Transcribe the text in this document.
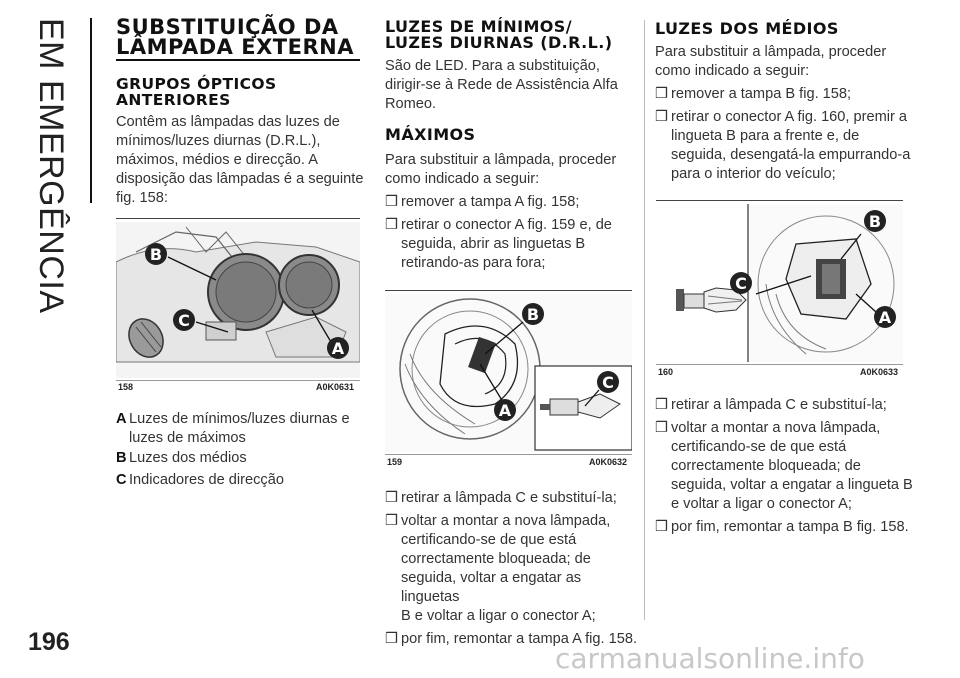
EM EMERGÊNCIA
196
SUBSTITUIÇÃO DA
LÂMPADA EXTERNA
GRUPOS ÓPTICOS
ANTERIORES
Contêm as lâmpadas das luzes de
mínimos/luzes diurnas (D.R.L.),
máximos, médios e direcção. A
disposição das lâmpadas é a seguinte
fig. 158:
B
C
A
158	A0K0631
A Luzes de mínimos/luzes diurnas e
luzes de máximos
B Luzes dos médios
C Indicadores de direcção
LUZES DE MÍNIMOS/
LUZES DIURNAS (D.R.L.)
São de LED. Para a substituição,
dirigir-se à Rede de Assistência Alfa
Romeo.
MÁXIMOS
Para substituir a lâmpada, proceder
como indicado a seguir:
❒ remover a tampa A fig. 158;
❒ retirar o conector A fig. 159 e, de
seguida, abrir as linguetas B
retirando-as para fora;
B
C
A
159	A0K0632
❒ retirar a lâmpada C e substituí-la;
❒ voltar a montar a nova lâmpada,
certificando-se de que está
correctamente bloqueada; de
seguida, voltar a engatar as linguetas
B e voltar a ligar o conector A;
❒ por fim, remontar a tampa A fig. 158.
LUZES DOS MÉDIOS
Para substituir a lâmpada, proceder
como indicado a seguir:
❒ remover a tampa B fig. 158;
❒ retirar o conector A fig. 160, premir a
lingueta B para a frente e, de
seguida, desengatá-la empurrando-a
para o interior do veículo;
B
C
A
160	A0K0633
❒ retirar a lâmpada C e substituí-la;
❒ voltar a montar a nova lâmpada,
certificando-se de que está
correctamente bloqueada; de
seguida, voltar a engatar a lingueta B
e voltar a ligar o conector A;
❒ por fim, remontar a tampa B fig. 158.
carmanualsonline.info
